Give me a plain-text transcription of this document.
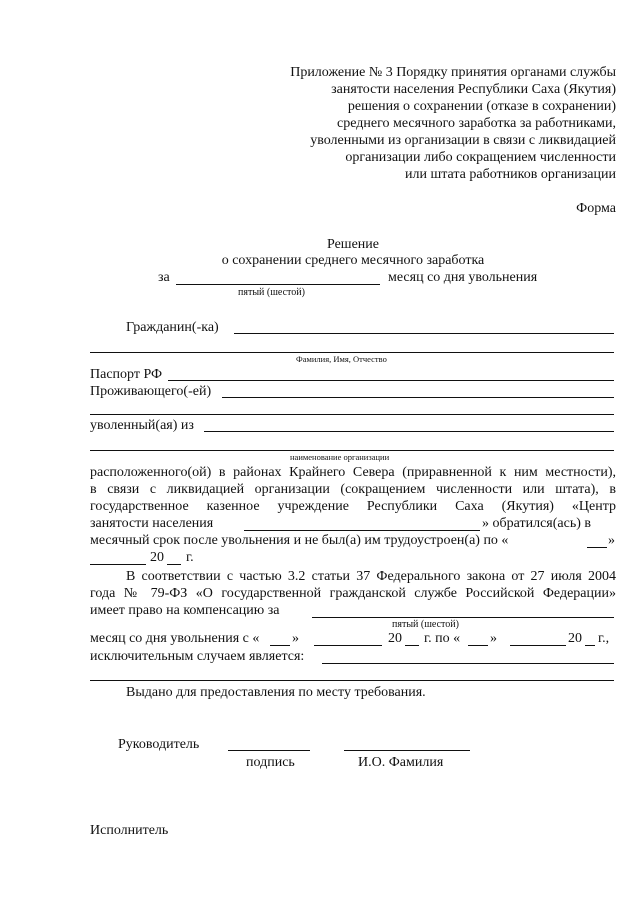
Приложение № 3 Порядку принятия органами службы
занятости населения Республики Саха (Якутия)
решения о сохранении (отказе в сохранении)
среднего месячного заработка за работниками,
уволенными из организации в связи с ликвидацией
организации либо сокращением численности
или штата работников организации
Форма
Решение
о сохранении среднего месячного заработка
за	месяц со дня увольнения
пятый (шестой)
Гражданин(-ка)
Фамилия, Имя, Отчество
Паспорт РФ
Проживающего(-ей)
уволенный(ая) из
наименование организации
расположенного(ой) в районах Крайнего Севера (приравненной к ним местности),
в связи с ликвидацией организации (сокращением численности или штата), в
государственное казенное учреждение Республики Саха (Якутия) «Центр
занятости населения	» обратился(ась) в
месячный срок после увольнения и не был(а) им трудоустроен(а) по «	»
20 г.
В соответствии с частью 3.2 статьи 37 Федерального закона от 27 июля 2004
года № 79-ФЗ «О государственной гражданской службе Российской Федерации»
имеет право на компенсацию за
пятый (шестой)
месяц со дня увольнения с « »	20 г. по « »	20 г.,
исключительным случаем является:
Выдано для предоставления по месту требования.
Руководитель
подпись	И.О. Фамилия
Исполнитель
